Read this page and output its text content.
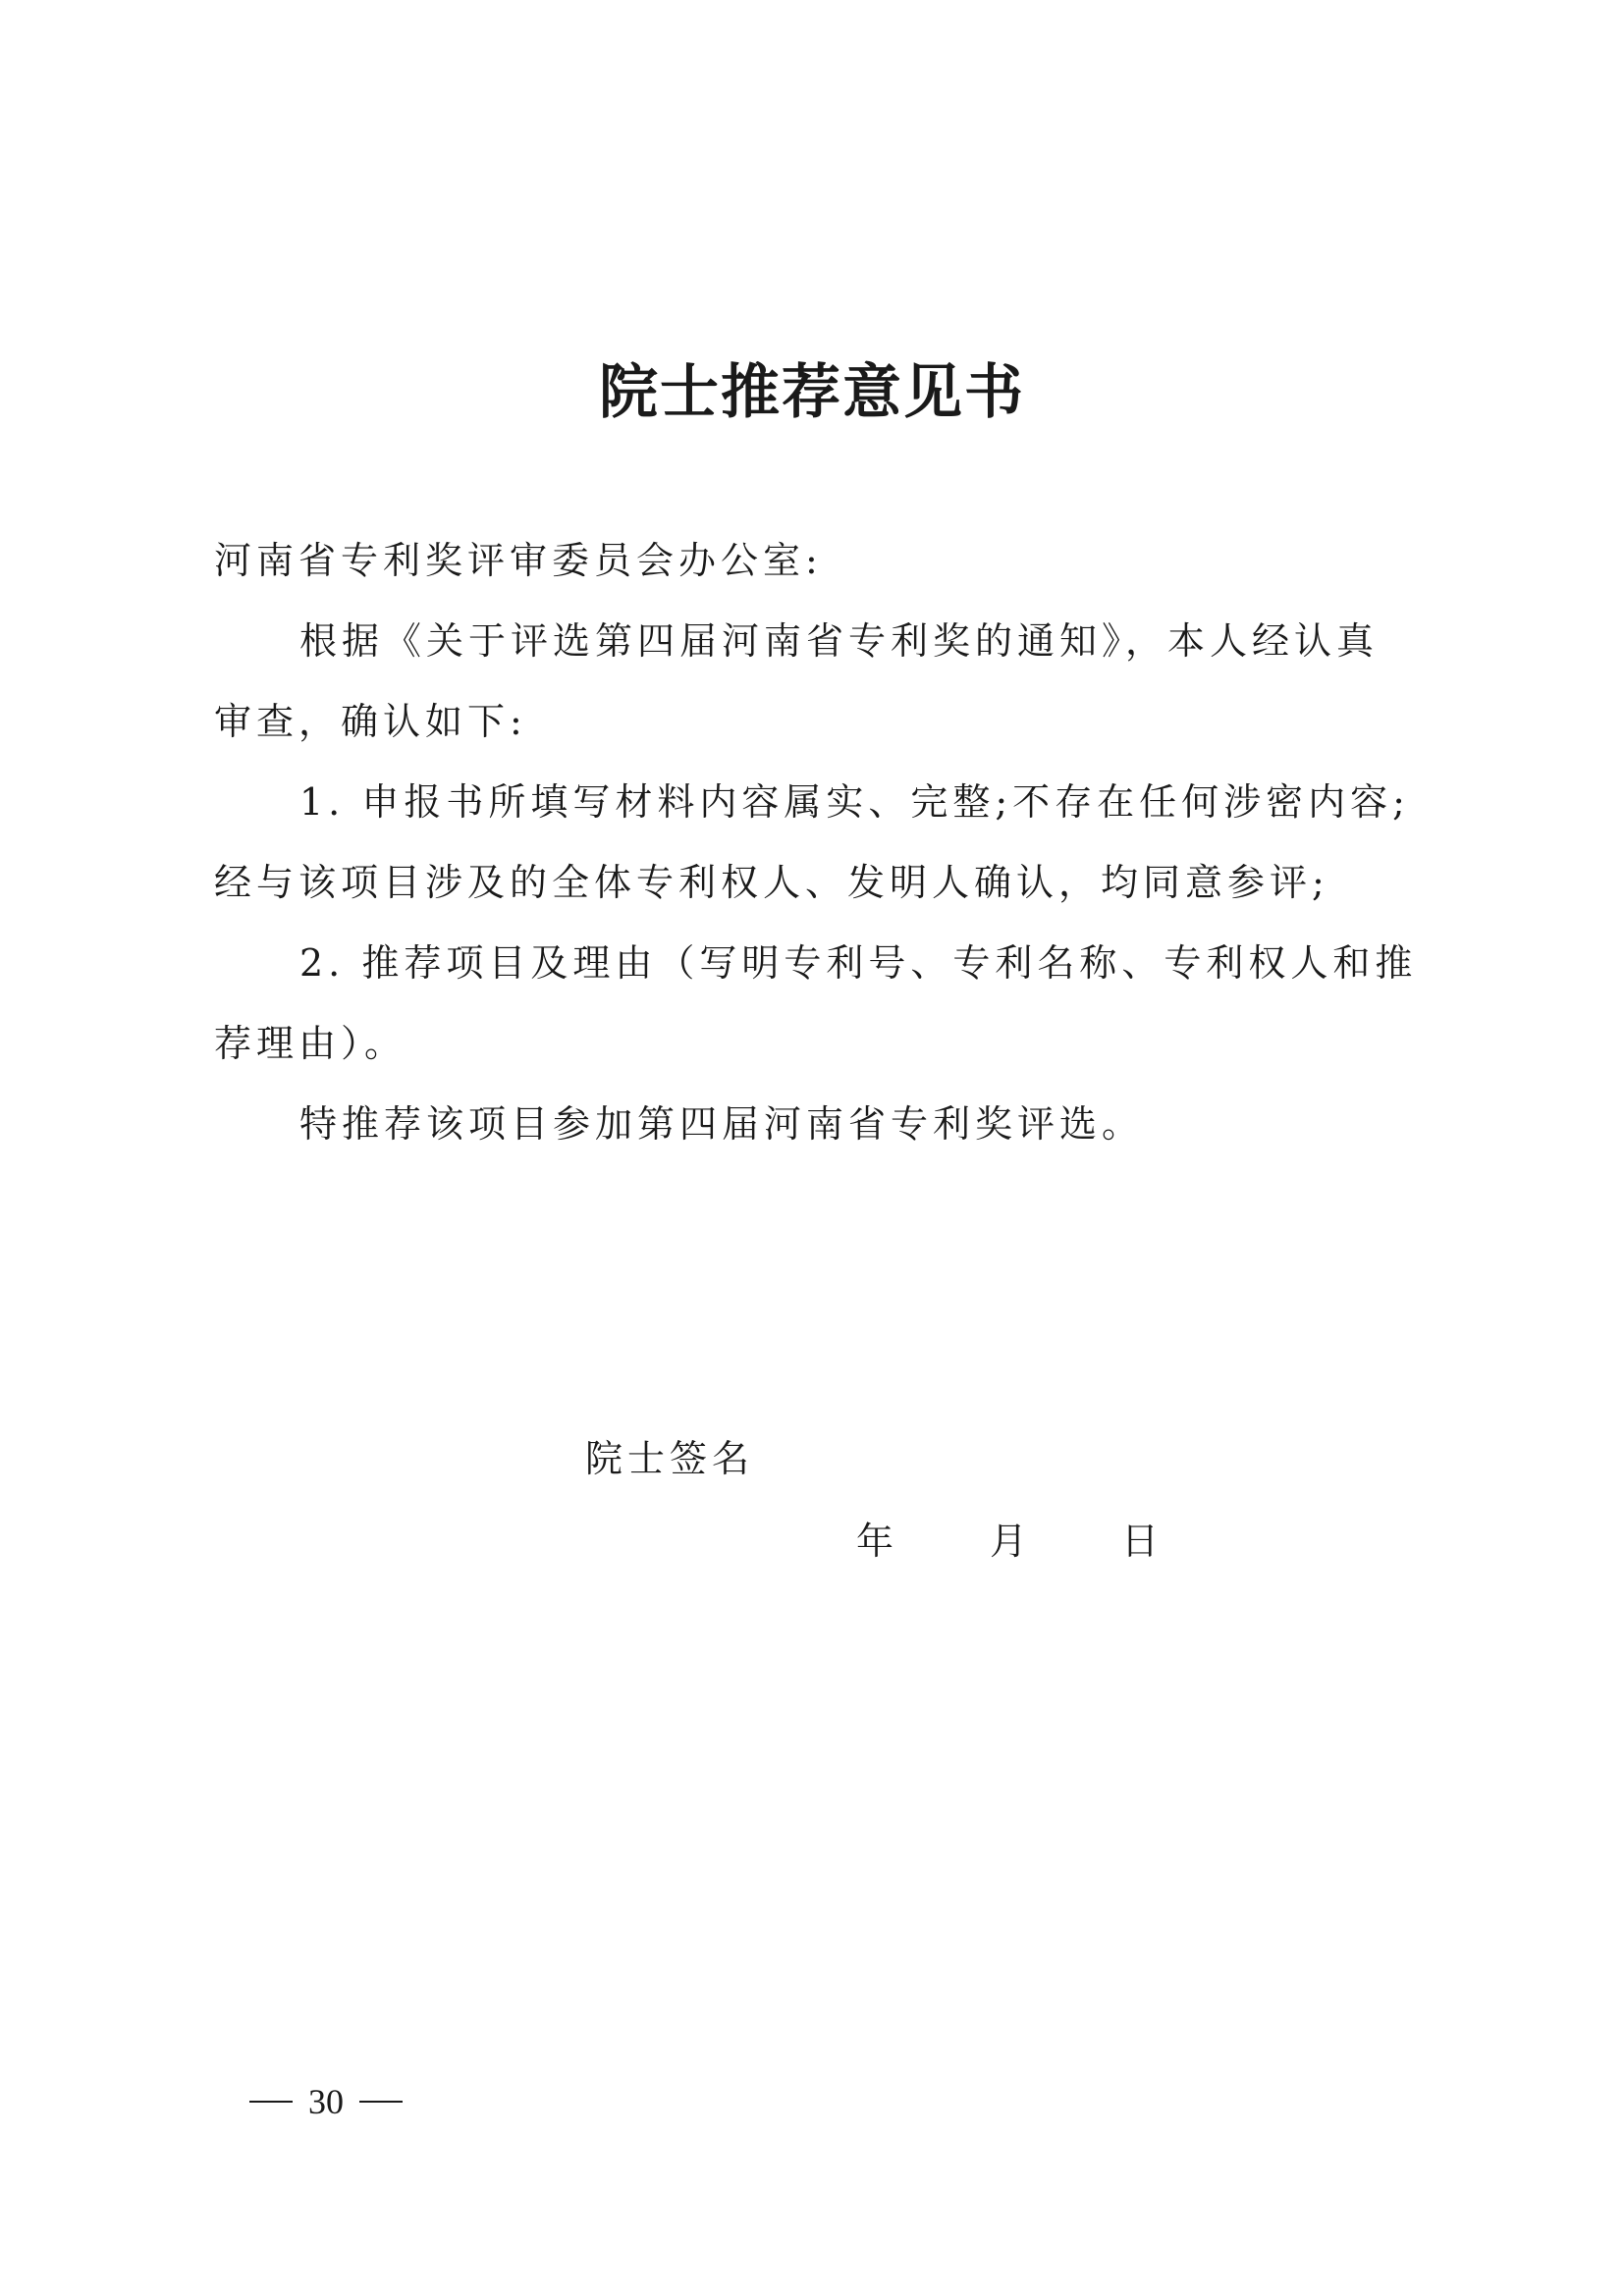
院士推荐意见书
河南省专利奖评审委员会办公室:
根据《关于评选第四届河南省专利奖的通知》，本人经认真
审查，确认如下:
1. 申报书所填写材料内容属实、完整;不存在任何涉密内容;
经与该项目涉及的全体专利权人、发明人确认，均同意参评;
2. 推荐项目及理由（写明专利号、专利名称、专利权人和推
荐理由）。
特推荐该项目参加第四届河南省专利奖评选。
院士签名
年 月 日
30
